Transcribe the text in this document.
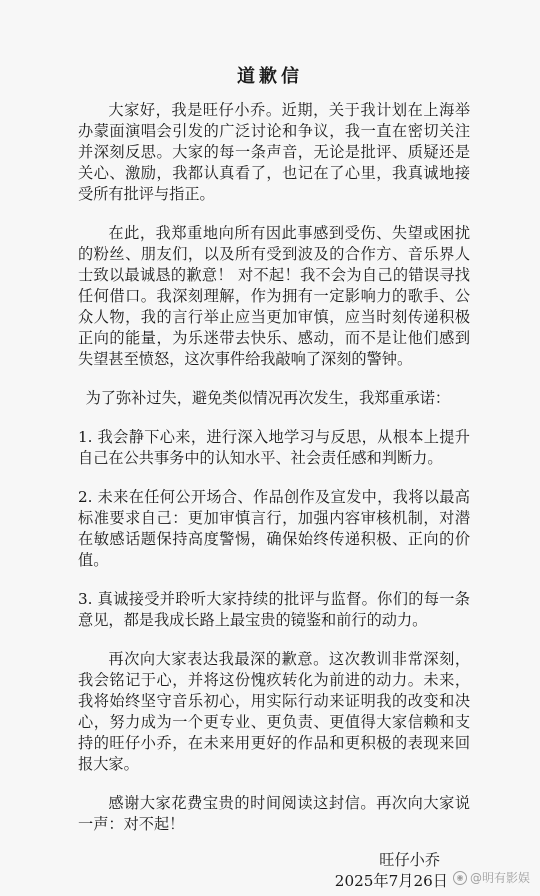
道歉信

大家好，我是旺仔小乔。近期，关于我计划在上海举办蒙面演唱会引发的广泛讨论和争议，我一直在密切关注并深刻反思。大家的每一条声音，无论是批评、质疑还是关心、激励，我都认真看了，也记在了心里，我真诚地接受所有批评与指正。

在此，我郑重地向所有因此事感到受伤、失望或困扰的粉丝、朋友们，以及所有受到波及的合作方、音乐界人士致以最诚恳的歉意！ 对不起！我不会为自己的错误寻找任何借口。我深刻理解，作为拥有一定影响力的歌手、公众人物，我的言行举止应当更加审慎，应当时刻传递积极正向的能量，为乐迷带去快乐、感动，而不是让他们感到失望甚至愤怒，这次事件给我敲响了深刻的警钟。

为了弥补过失，避免类似情况再次发生，我郑重承诺：

1. 我会静下心来，进行深入地学习与反思，从根本上提升自己在公共事务中的认知水平、社会责任感和判断力。

2. 未来在任何公开场合、作品创作及宣发中，我将以最高标准要求自己：更加审慎言行，加强内容审核机制，对潜在敏感话题保持高度警惕，确保始终传递积极、正向的价值。

3. 真诚接受并聆听大家持续的批评与监督。你们的每一条意见，都是我成长路上最宝贵的镜鉴和前行的动力。

再次向大家表达我最深的歉意。这次教训非常深刻，我会铭记于心，并将这份愧疚转化为前进的动力。未来，我将始终坚守音乐初心，用实际行动来证明我的改变和决心，努力成为一个更专业、更负责、更值得大家信赖和支持的旺仔小乔，在未来用更好的作品和更积极的表现来回报大家。

感谢大家花费宝贵的时间阅读这封信。再次向大家说一声：对不起！

旺仔小乔
2025年7月26日	◉ @明有影娱
